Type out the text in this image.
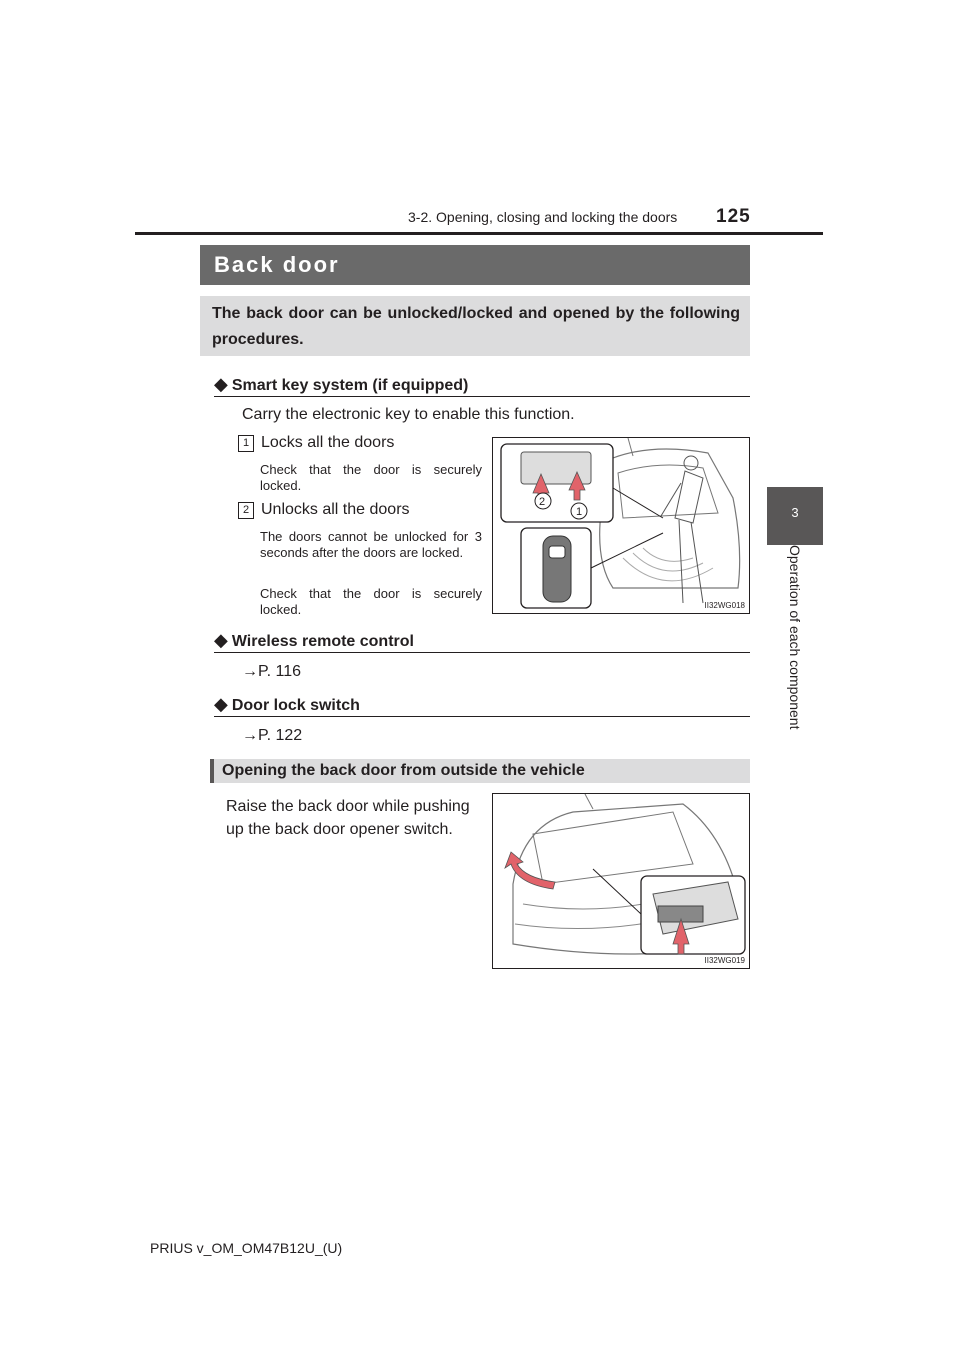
3-2. Opening, closing and locking the doors 125
3
Operation of each component
Back door
The back door can be unlocked/locked and opened by the following procedures.
◆ Smart key system (if equipped)
Carry the electronic key to enable this function.
1 Locks all the doors
Check that the door is securely locked.
2 Unlocks all the doors
The doors cannot be unlocked for 3 seconds after the doors are locked.
Check that the door is securely locked.
2
1
II32WG018
◆ Wireless remote control
→P. 116
◆ Door lock switch
→P. 122
Opening the back door from outside the vehicle
Raise the back door while pushing up the back door opener switch.
II32WG019
PRIUS v_OM_OM47B12U_(U)
